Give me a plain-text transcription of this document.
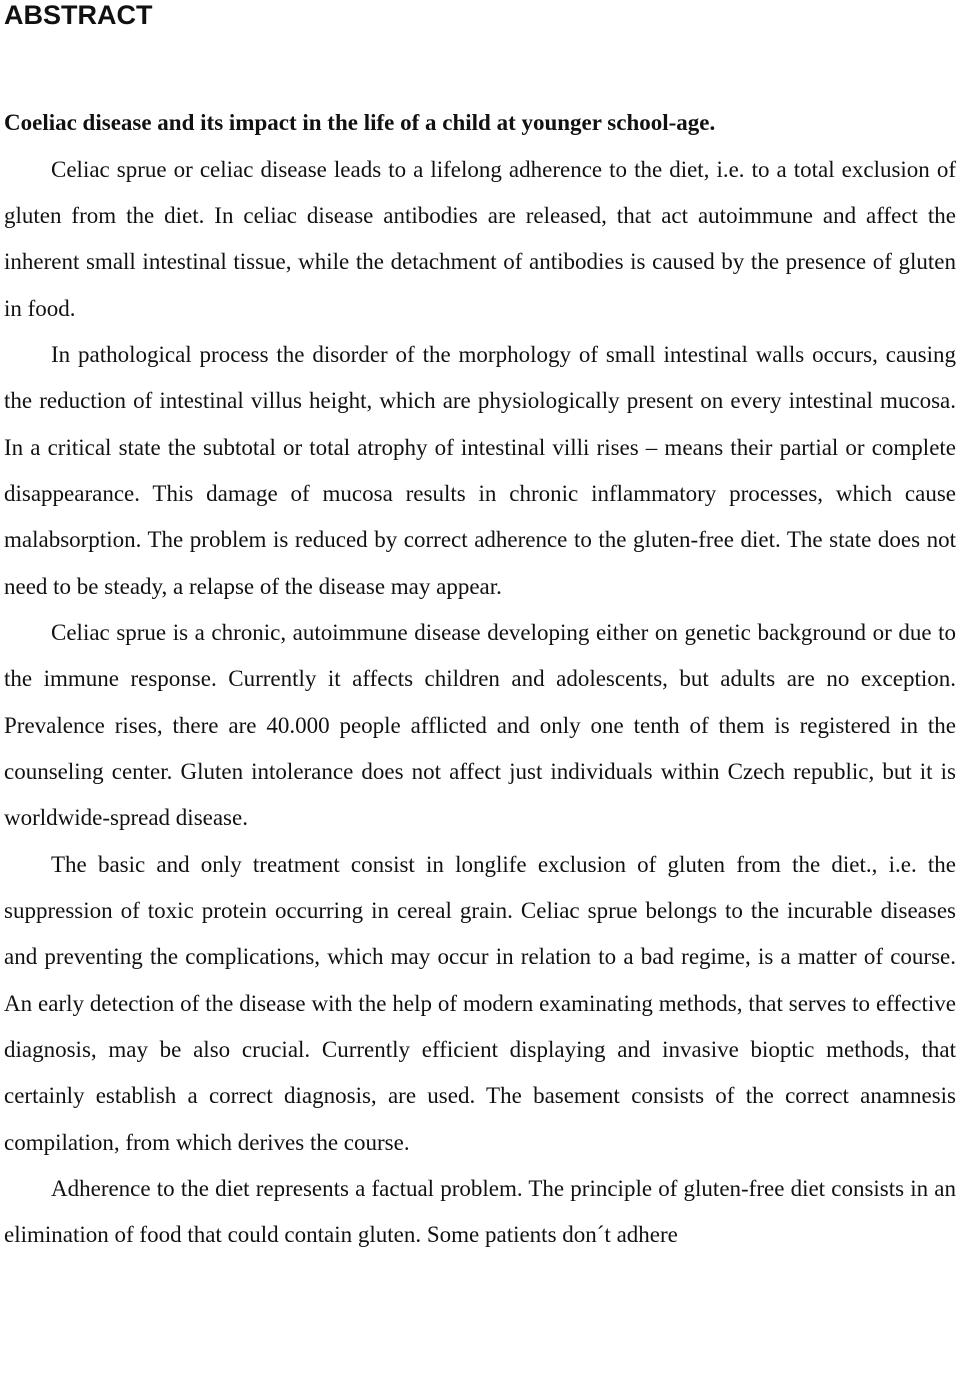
ABSTRACT
Coeliac disease and its impact in the life of a child at younger school-age.

Celiac sprue or celiac disease leads to a lifelong adherence to the diet, i.e. to a total exclusion of gluten from the diet. In celiac disease antibodies are released, that act autoimmune and affect the inherent small intestinal tissue, while the detachment of antibodies is caused by the presence of gluten in food.

In pathological process the disorder of the morphology of small intestinal walls occurs, causing the reduction of intestinal villus height, which are physiologically present on every intestinal mucosa. In a critical state the subtotal or total atrophy of intestinal villi rises – means their partial or complete disappearance. This damage of mucosa results in chronic inflammatory processes, which cause malabsorption. The problem is reduced by correct adherence to the gluten-free diet. The state does not need to be steady, a relapse of the disease may appear.

Celiac sprue is a chronic, autoimmune disease developing either on genetic background or due to the immune response. Currently it affects children and adolescents, but adults are no exception. Prevalence rises, there are 40.000 people afflicted and only one tenth of them is registered in the counseling center. Gluten intolerance does not affect just individuals within Czech republic, but it is worldwide-spread disease.

The basic and only treatment consist in longlife exclusion of gluten from the diet., i.e. the suppression of toxic protein occurring in cereal grain. Celiac sprue belongs to the incurable diseases and preventing the complications, which may occur in relation to a bad regime, is a matter of course. An early detection of the disease with the help of modern examinating methods, that serves to effective diagnosis, may be also crucial. Currently efficient displaying and invasive bioptic methods, that certainly establish a correct diagnosis, are used. The basement consists of the correct anamnesis compilation, from which derives the course.

Adherence to the diet represents a factual problem. The principle of gluten-free diet consists in an elimination of food that could contain gluten. Some patients don´t adhere
